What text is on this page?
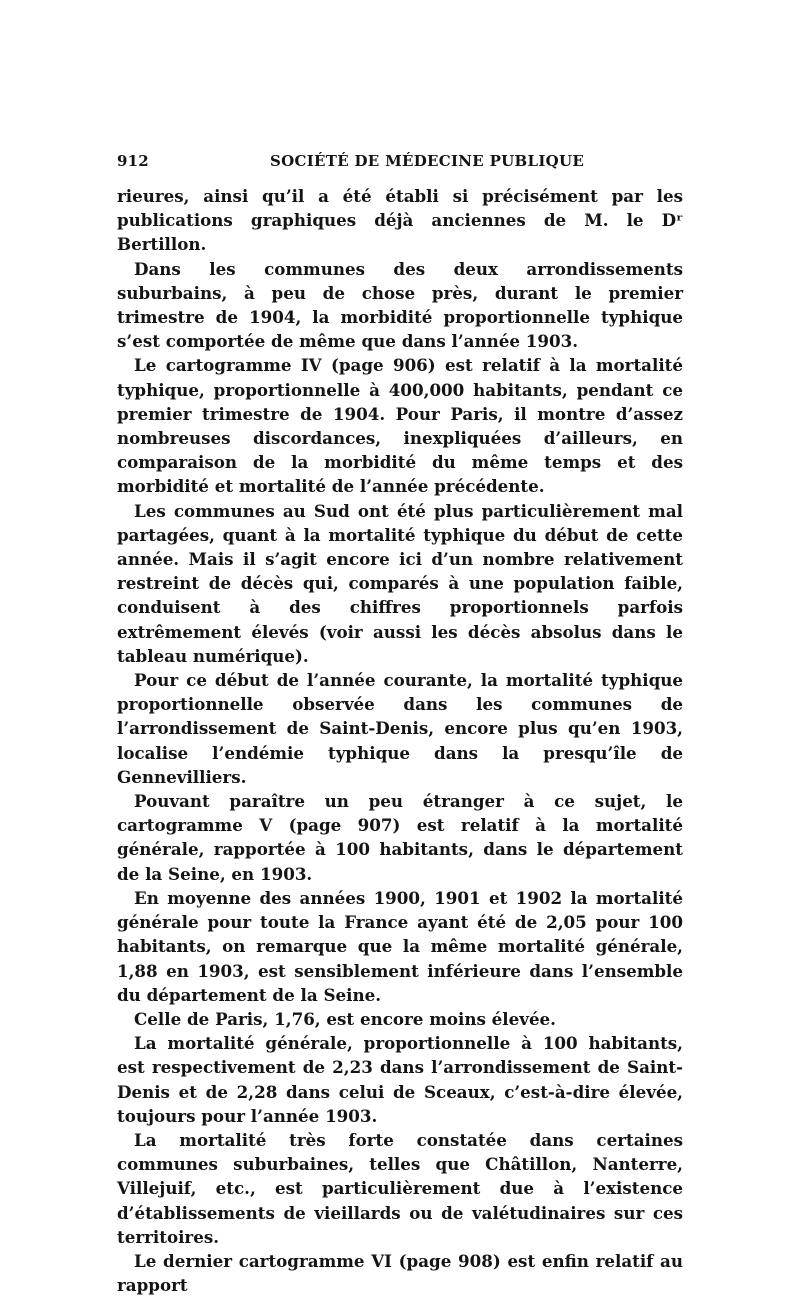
912	SOCIÉTÉ DE MÉDECINE PUBLIQUE

rieures, ainsi qu’il a été établi si précisément par les publications graphiques déjà anciennes de M. le Dʳ Bertillon.

Dans les communes des deux arrondissements suburbains, à peu de chose près, durant le premier trimestre de 1904, la morbidité proportionnelle typhique s’est comportée de même que dans l’année 1903.

Le cartogramme IV (page 906) est relatif à la mortalité typhique, proportionnelle à 400,000 habitants, pendant ce premier trimestre de 1904. Pour Paris, il montre d’assez nombreuses discordances, inexpliquées d’ailleurs, en comparaison de la morbidité du même temps et des morbidité et mortalité de l’année précédente.

Les communes au Sud ont été plus particulièrement mal partagées, quant à la mortalité typhique du début de cette année. Mais il s’agit encore ici d’un nombre relativement restreint de décès qui, comparés à une population faible, conduisent à des chiffres proportionnels parfois extrêmement élevés (voir aussi les décès absolus dans le tableau numérique).

Pour ce début de l’année courante, la mortalité typhique proportionnelle observée dans les communes de l’arrondissement de Saint-Denis, encore plus qu’en 1903, localise l’endémie typhique dans la presqu’île de Gennevilliers.

Pouvant paraître un peu étranger à ce sujet, le cartogramme V (page 907) est relatif à la mortalité générale, rapportée à 100 habitants, dans le département de la Seine, en 1903.

En moyenne des années 1900, 1901 et 1902 la mortalité générale pour toute la France ayant été de 2,05 pour 100 habitants, on remarque que la même mortalité générale, 1,88 en 1903, est sensiblement inférieure dans l’ensemble du département de la Seine.

Celle de Paris, 1,76, est encore moins élevée.

La mortalité générale, proportionnelle à 100 habitants, est respectivement de 2,23 dans l’arrondissement de Saint-Denis et de 2,28 dans celui de Sceaux, c’est-à-dire élevée, toujours pour l’année 1903.

La mortalité très forte constatée dans certaines communes suburbaines, telles que Châtillon, Nanterre, Villejuif, etc., est particulièrement due à l’existence d’établissements de vieillards ou de valétudinaires sur ces territoires.

Le dernier cartogramme VI (page 908) est enfin relatif au rapport
